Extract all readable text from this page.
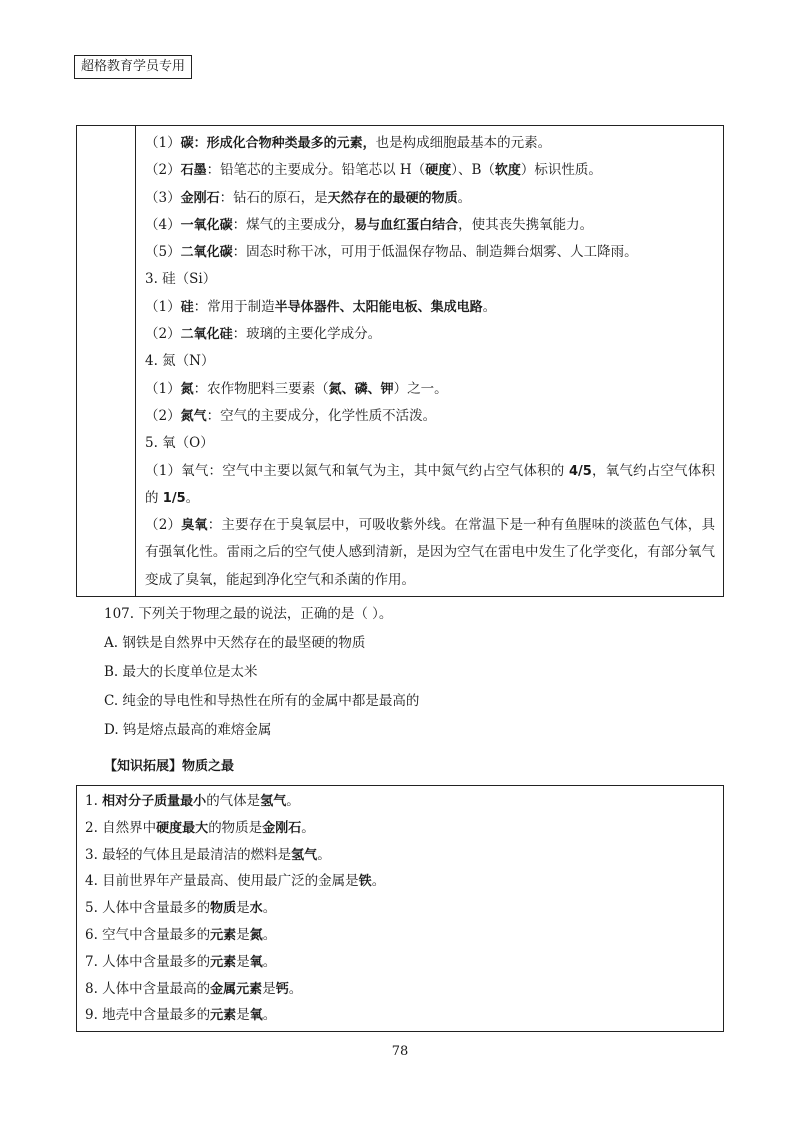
超格教育学员专用
（1）碳：形成化合物种类最多的元素，也是构成细胞最基本的元素。
（2）石墨：铅笔芯的主要成分。铅笔芯以 H（硬度）、B（软度）标识性质。
（3）金刚石：钻石的原石，是天然存在的最硬的物质。
（4）一氧化碳：煤气的主要成分，易与血红蛋白结合，使其丧失携氧能力。
（5）二氧化碳：固态时称干冰，可用于低温保存物品、制造舞台烟雾、人工降雨。
3. 硅（Si）
（1）硅：常用于制造半导体器件、太阳能电板、集成电路。
（2）二氧化硅：玻璃的主要化学成分。
4. 氮（N）
（1）氮：农作物肥料三要素（氮、磷、钾）之一。
（2）氮气：空气的主要成分，化学性质不活泼。
5. 氧（O）
（1）氧气：空气中主要以氮气和氧气为主，其中氮气约占空气体积的 4/5，氧气约占空气体积的 1/5。
（2）臭氧：主要存在于臭氧层中，可吸收紫外线。在常温下是一种有鱼腥味的淡蓝色气体，具有强氧化性。雷雨之后的空气使人感到清新，是因为空气在雷电中发生了化学变化，有部分氧气变成了臭氧，能起到净化空气和杀菌的作用。
107. 下列关于物理之最的说法，正确的是（ ）。
A. 钢铁是自然界中天然存在的最坚硬的物质
B. 最大的长度单位是太米
C. 纯金的导电性和导热性在所有的金属中都是最高的
D. 钨是熔点最高的难熔金属
【知识拓展】物质之最
1. 相对分子质量最小的气体是氢气。
2. 自然界中硬度最大的物质是金刚石。
3. 最轻的气体且是最清洁的燃料是氢气。
4. 目前世界年产量最高、使用最广泛的金属是铁。
5. 人体中含量最多的物质是水。
6. 空气中含量最多的元素是氮。
7. 人体中含量最多的元素是氧。
8. 人体中含量最高的金属元素是钙。
9. 地壳中含量最多的元素是氧。
78
